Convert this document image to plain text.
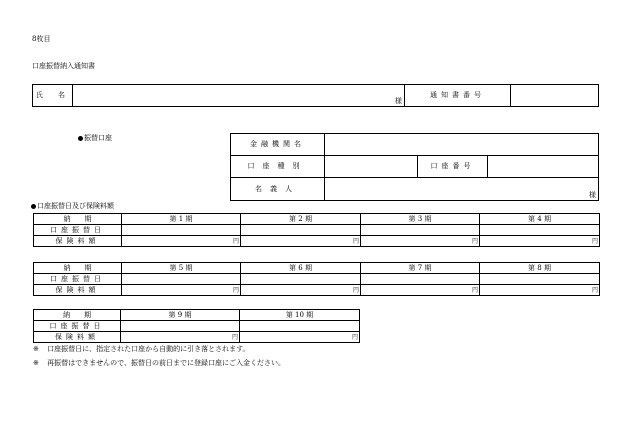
8枚目
口座振替納入通知書
氏　名	
様
	通知書番号	
振替口座
金融機関名			
口座種別		口座番号	
名義人	様		
口座振替日及び保険料額
納　　期	第 1 期	第 2 期	第 3 期	第 4 期
口座振替日				
保険料額	円	円	円	円
納　　期	第 5 期	第 6 期	第 7 期	第 8 期
口座振替日				
保険料額	円	円	円	円
納　　期	第 9 期	第 10 期
口座振替日		
保険料額	円	円
※ 口座振替日に、指定された口座から自動的に引き落とされます。
※ 再振替はできませんので、振替日の前日までに登録口座にご入金ください。
